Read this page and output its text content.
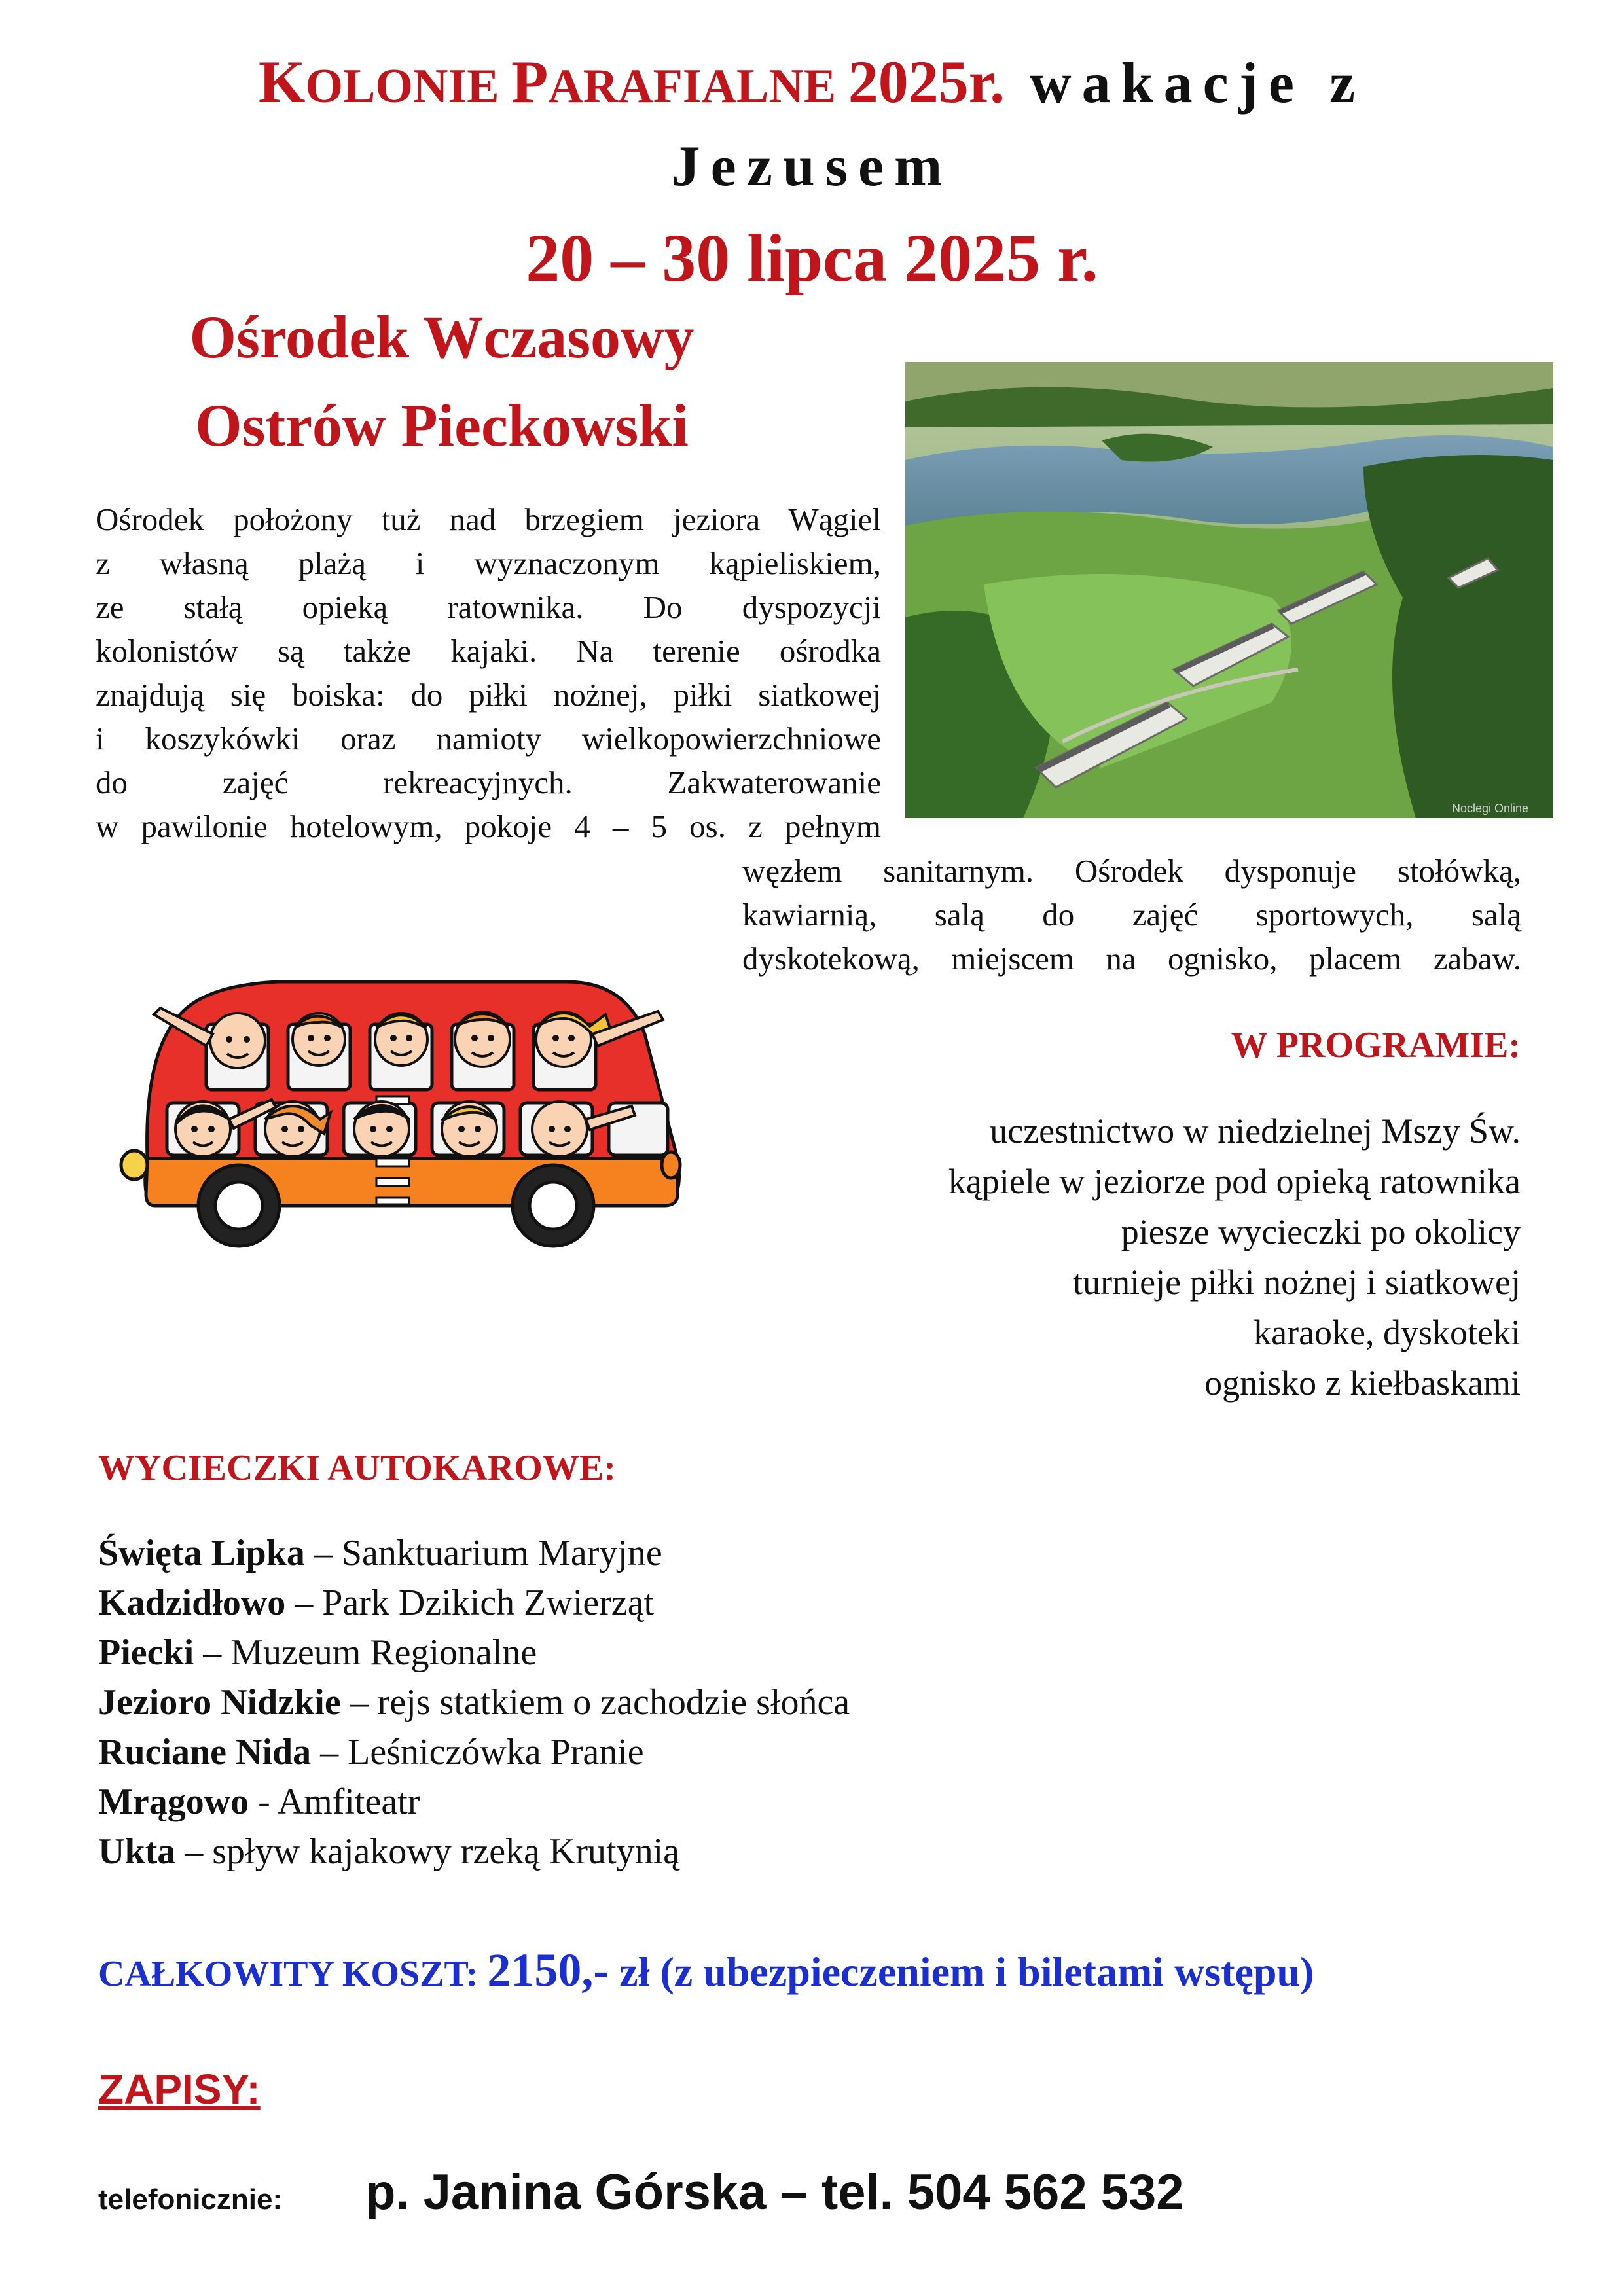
KOLONIE PARAFIALNE 2025r. wakacje z
Jezusem
20 – 30 lipca 2025 r.
Ośrodek Wczasowy
Ostrów Pieckowski
Noclegi Online
Ośrodek położony tuż nad brzegiem jeziora Wągiel
z własną plażą i wyznaczonym kąpieliskiem,
ze stałą opieką ratownika. Do dyspozycji
kolonistów są także kajaki. Na terenie ośrodka
znajdują się boiska: do piłki nożnej, piłki siatkowej
i koszykówki oraz namioty wielkopowierzchniowe
do zajęć rekreacyjnych. Zakwaterowanie
w pawilonie hotelowym, pokoje 4 – 5 os. z pełnym
węzłem sanitarnym. Ośrodek dysponuje stołówką,
kawiarnią, salą do zajęć sportowych, salą
dyskotekową, miejscem na ognisko, placem zabaw.
W PROGRAMIE:
uczestnictwo w niedzielnej Mszy Św.
kąpiele w jeziorze pod opieką ratownika
piesze wycieczki po okolicy
turnieje piłki nożnej i siatkowej
karaoke, dyskoteki
ognisko z kiełbaskami
WYCIECZKI AUTOKAROWE:
Święta Lipka – Sanktuarium Maryjne
Kadzidłowo – Park Dzikich Zwierząt
Piecki – Muzeum Regionalne
Jezioro Nidzkie – rejs statkiem o zachodzie słońca
Ruciane Nida – Leśniczówka Pranie
Mrągowo - Amfiteatr
Ukta – spływ kajakowy rzeką Krutynią
CAŁKOWITY KOSZT: 2150,- zł (z ubezpieczeniem i biletami wstępu)
ZAPISY:
telefonicznie: p. Janina Górska – tel. 504 562 532
